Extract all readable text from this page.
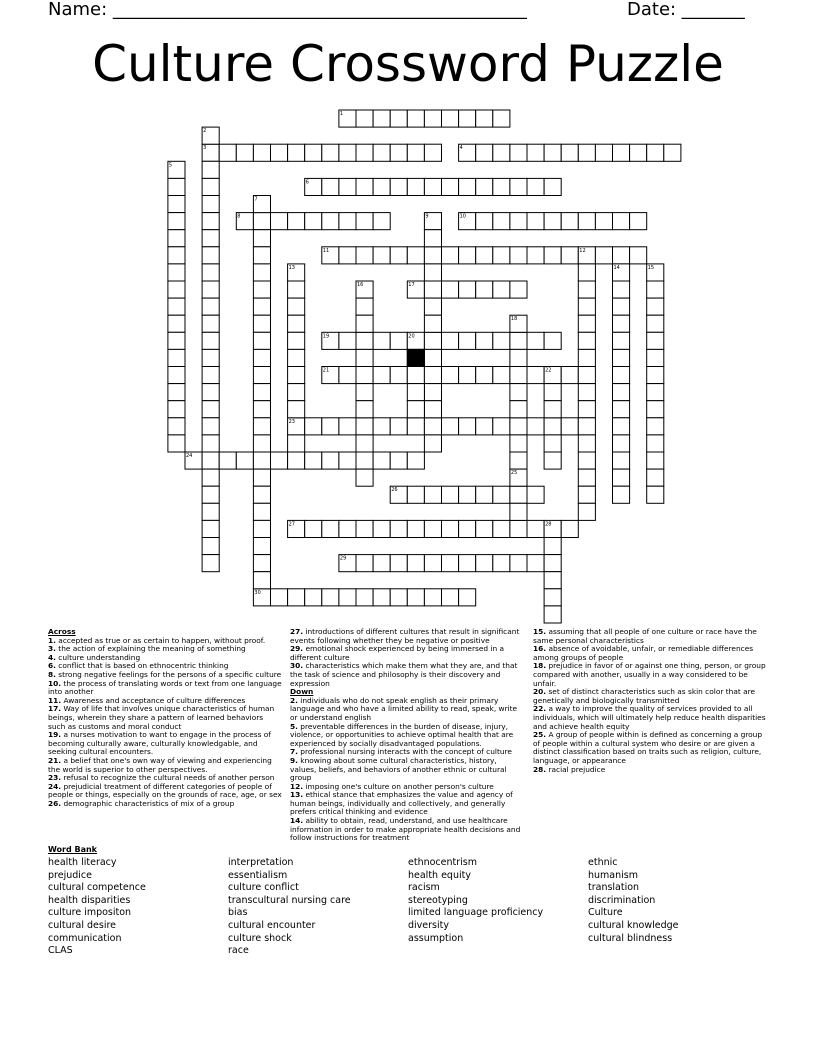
Name: ______________________________________________	Date: _______
Culture Crossword Puzzle
1
2
3	4
5
6
7
8	9	10
11	12
13	14	15
16	17
18
19	20
21	22
23
24
25
26
27	28
29
30
Across
1. accepted as true or as certain to happen, without proof.
3. the action of explaining the meaning of something
4. culture understanding
6. conflict that is based on ethnocentric thinking
8. strong negative feelings for the persons of a specific culture
10. the process of translating words or text from one language into another
11. Awareness and acceptance of culture differences
17. Way of life that involves unique characteristics of human beings, wherein they share a pattern of learned behaviors such as customs and moral conduct
19. a nurses motivation to want to engage in the process of becoming culturally aware, culturally knowledgable, and seeking cultural encounters.
21. a belief that one's own way of viewing and experiencing the world is superior to other perspectives.
23. refusal to recognize the cultural needs of another person
24. prejudicial treatment of different categories of people of people or things, especially on the grounds of race, age, or sex
26. demographic characteristics of mix of a group
27. introductions of different cultures that result in significant events following whether they be negative or positive
29. emotional shock experienced by being immersed in a different culture
30. characteristics which make them what they are, and that the task of science and philosophy is their discovery and expression
Down
2. individuals who do not speak english as their primary language and who have a limited ability to read, speak, write or understand english
5. preventable differences in the burden of disease, injury, violence, or opportunities to achieve optimal health that are experienced by socially disadvantaged populations.
7. professional nursing interacts with the concept of culture
9. knowing about some cultural characteristics, history, values, beliefs, and behaviors of another ethnic or cultural group
12. imposing one's culture on another person's culture
13. ethical stance that emphasizes the value and agency of human beings, individually and collectively, and generally prefers critical thinking and evidence
14. ability to obtain, read, understand, and use healthcare information in order to make appropriate health decisions and follow instructions for treatment
15. assuming that all people of one culture or race have the same personal characteristics
16. absence of avoidable, unfair, or remediable differences among groups of people
18. prejudice in favor of or against one thing, person, or group compared with another, usually in a way considered to be unfair.
20. set of distinct characteristics such as skin color that are genetically and biologically transmitted
22. a way to improve the quality of services provided to all individuals, which will ultimately help reduce health disparities and achieve health equity
25. A group of people within is defined as concerning a group of people within a cultural system who desire or are given a distinct classification based on traits such as religion, culture, language, or appearance
28. racial prejudice
Word Bank
health literacy
prejudice
cultural competence
health disparities
culture impositon
cultural desire
communication
CLAS
interpretation
essentialism
culture conflict
transcultural nursing care
bias
cultural encounter
culture shock
race
ethnocentrism
health equity
racism
stereotyping
limited language proficiency
diversity
assumption
ethnic
humanism
translation
discrimination
Culture
cultural knowledge
cultural blindness
